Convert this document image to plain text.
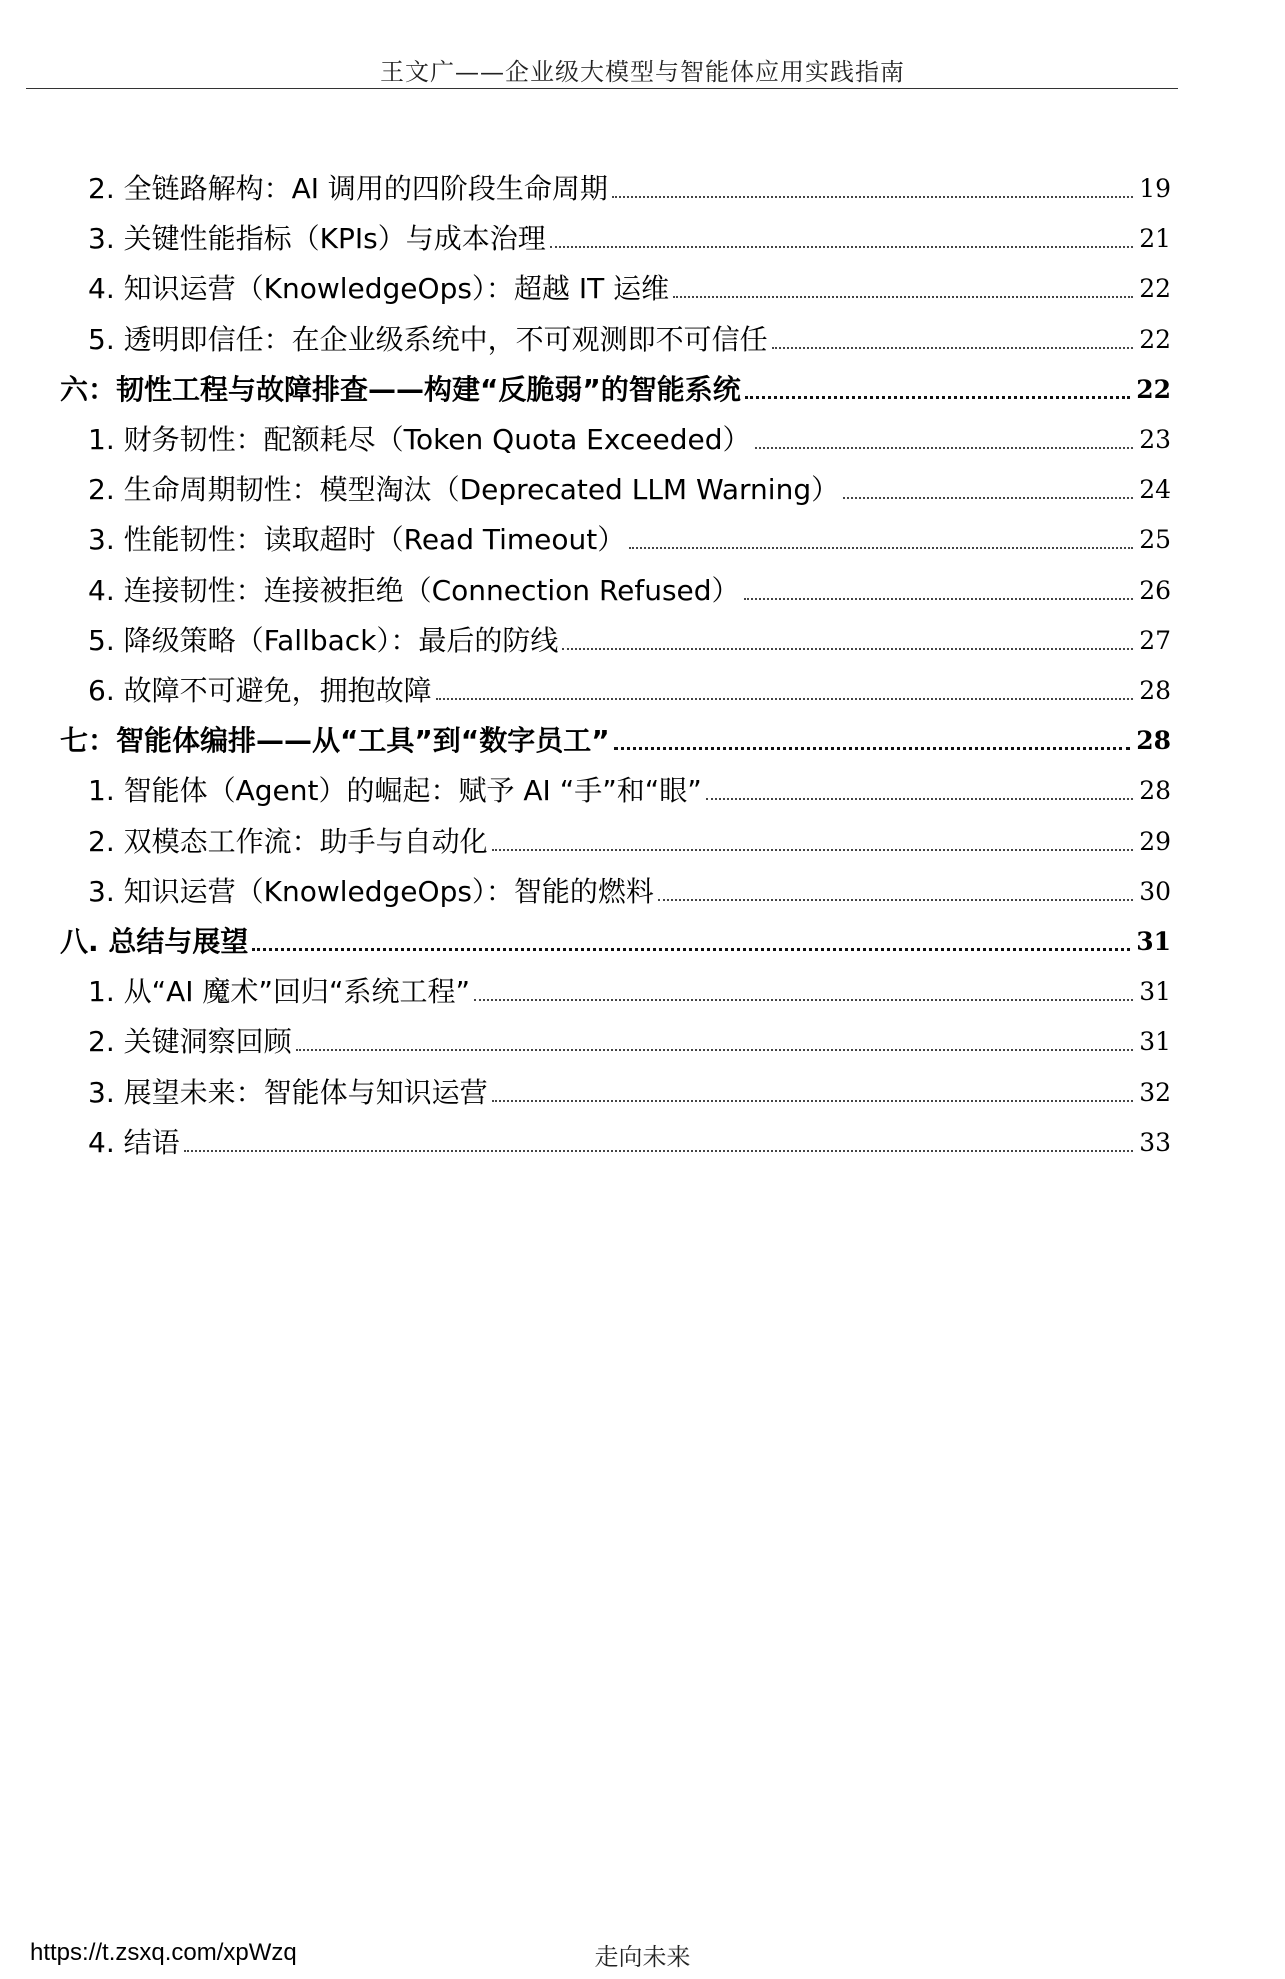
王文广——企业级大模型与智能体应用实践指南
2. 全链路解构：AI 调用的四阶段生命周期	19
3. 关键性能指标（KPIs）与成本治理	21
4. 知识运营（KnowledgeOps）：超越 IT 运维	22
5. 透明即信任：在企业级系统中，不可观测即不可信任	22
六：韧性工程与故障排查——构建“反脆弱”的智能系统	22
1. 财务韧性：配额耗尽（Token Quota Exceeded）	23
2. 生命周期韧性：模型淘汰（Deprecated LLM Warning）	24
3. 性能韧性：读取超时（Read Timeout）	25
4. 连接韧性：连接被拒绝（Connection Refused）	26
5. 降级策略（Fallback）：最后的防线	27
6. 故障不可避免，拥抱故障	28
七：智能体编排——从“工具”到“数字员工”	28
1. 智能体（Agent）的崛起：赋予 AI “手”和“眼”	28
2. 双模态工作流：助手与自动化	29
3. 知识运营（KnowledgeOps）：智能的燃料	30
八. 总结与展望	31
1. 从“AI 魔术”回归“系统工程”	31
2. 关键洞察回顾	31
3. 展望未来：智能体与知识运营	32
4. 结语	33
https://t.zsxq.com/xpWzq	走向未来
